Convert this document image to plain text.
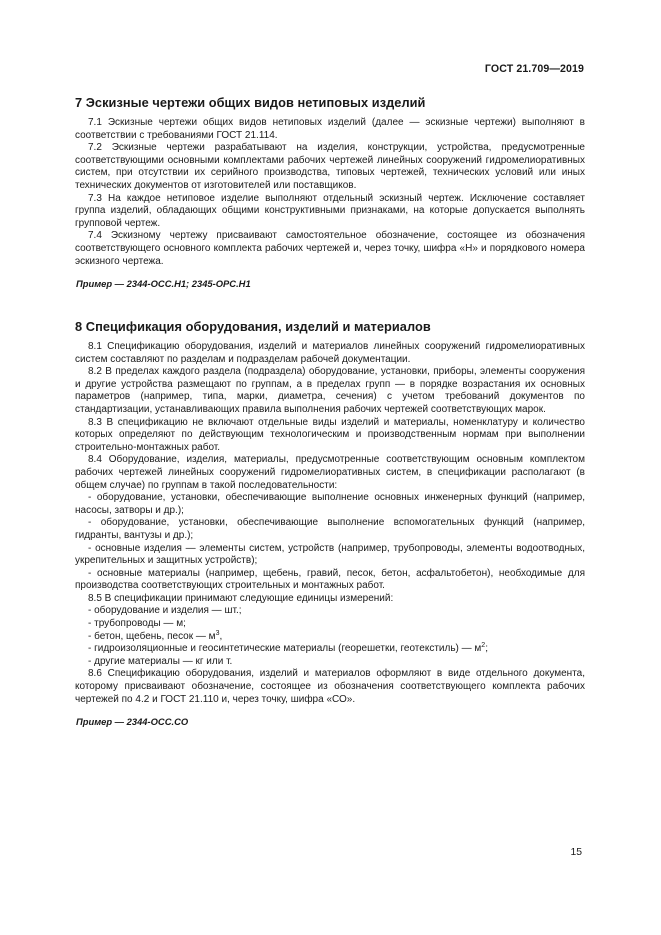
ГОСТ 21.709—2019
7 Эскизные чертежи общих видов нетиповых изделий

7.1 Эскизные чертежи общих видов нетиповых изделий (далее — эскизные чертежи) выполняют в соответствии с требованиями ГОСТ 21.114.

7.2 Эскизные чертежи разрабатывают на изделия, конструкции, устройства, предусмотренные соответствующими основными комплектами рабочих чертежей линейных сооружений гидромелиоративных систем, при отсутствии их серийного производства, типовых чертежей, технических условий или иных технических документов от изготовителей или поставщиков.

7.3 На каждое нетиповое изделие выполняют отдельный эскизный чертеж. Исключение составляет группа изделий, обладающих общими конструктивными признаками, на которые допускается выполнять групповой чертеж.

7.4 Эскизному чертежу присваивают самостоятельное обозначение, состоящее из обозначения соответствующего основного комплекта рабочих чертежей и, через точку, шифра «Н» и порядкового номера эскизного чертежа.

Пример — 2344-ОСС.Н1; 2345-ОРС.Н1
8 Спецификация оборудования, изделий и материалов

8.1 Спецификацию оборудования, изделий и материалов линейных сооружений гидромелиоративных систем составляют по разделам и подразделам рабочей документации.

8.2 В пределах каждого раздела (подраздела) оборудование, установки, приборы, элементы сооружения и другие устройства размещают по группам, а в пределах групп — в порядке возрастания их основных параметров (например, типа, марки, диаметра, сечения) с учетом требований документов по стандартизации, устанавливающих правила выполнения рабочих чертежей соответствующих марок.

8.3 В спецификацию не включают отдельные виды изделий и материалы, номенклатуру и количество которых определяют по действующим технологическим и производственным нормам при выполнении строительно-монтажных работ.

8.4 Оборудование, изделия, материалы, предусмотренные соответствующим основным комплектом рабочих чертежей линейных сооружений гидромелиоративных систем, в спецификации располагают (в общем случае) по группам в такой последовательности:

- оборудование, установки, обеспечивающие выполнение основных инженерных функций (например, насосы, затворы и др.);

- оборудование, установки, обеспечивающие выполнение вспомогательных функций (например, гидранты, вантузы и др.);

- основные изделия — элементы систем, устройств (например, трубопроводы, элементы водоотводных, укрепительных и защитных устройств);

- основные материалы (например, щебень, гравий, песок, бетон, асфальтобетон), необходимые для производства соответствующих строительных и монтажных работ.

8.5 В спецификации принимают следующие единицы измерений:

- оборудование и изделия — шт.;

- трубопроводы — м;

- бетон, щебень, песок — $м^3$,

- гидроизоляционные и геосинтетические материалы (георешетки, геотекстиль) — $м^2$;

- другие материалы — кг или т.

8.6 Спецификацию оборудования, изделий и материалов оформляют в виде отдельного документа, которому присваивают обозначение, состоящее из обозначения соответствующего комплекта рабочих чертежей по 4.2 и ГОСТ 21.110 и, через точку, шифра «СО».

Пример — 2344-ОСС.СО
15
